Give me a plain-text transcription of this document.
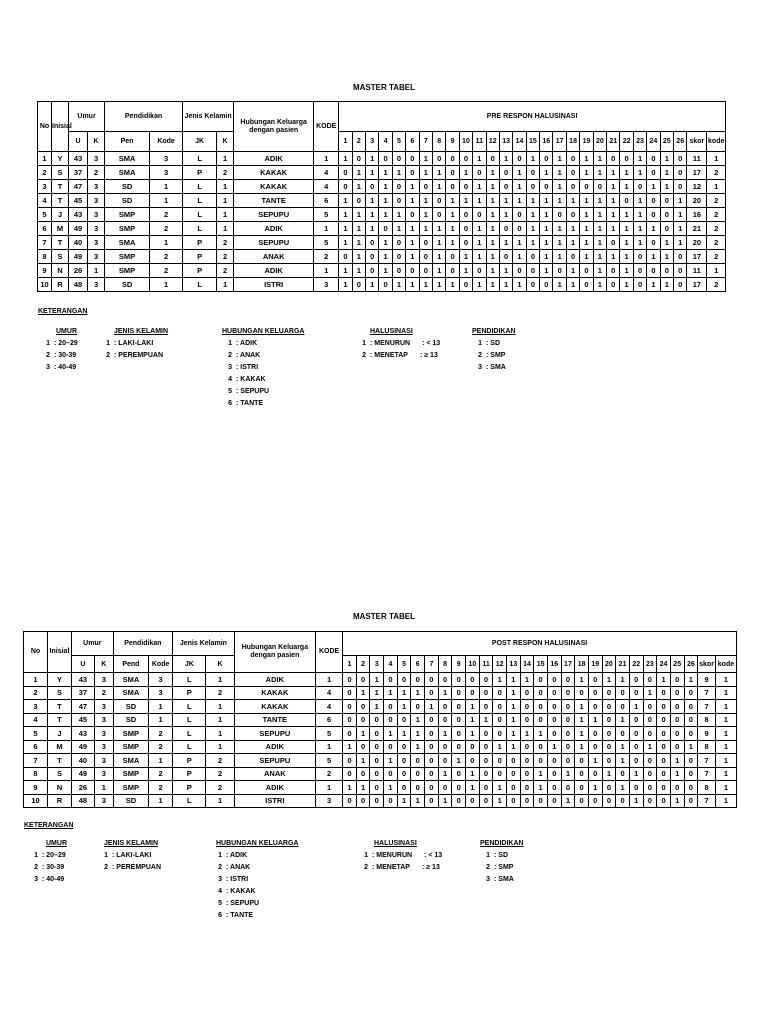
MASTER TABEL
No	Inisial	Umur		Pendidikan		Jenis Kelamin		Hubungan Keluarga dengan pasien	KODE	PRE RESPON HALUSINASI																											
		U	K	Pen	Kode	JK	K			1	2	3	4	5	6	7	8	9	10	11	12	13	14	15	16	17	18	19	20	21	22	23	24	25	26	skor	kode
1	Y	43	3	SMA	3	L	1	ADIK	1	1	0	1	0	0	0	1	0	0	0	1	0	1	0	1	0	1	0	1	1	0	0	1	0	1	0	11	1
2	S	37	2	SMA	3	P	2	KAKAK	4	0	1	1	1	1	0	1	1	0	1	0	1	0	1	0	1	1	0	1	1	1	1	1	0	1	0	17	2
3	T	47	3	SD	1	L	1	KAKAK	4	0	1	0	1	0	1	0	1	0	0	1	1	0	1	0	0	1	0	0	0	1	1	0	1	1	0	12	1
4	T	45	3	SD	1	L	1	TANTE	6	1	0	1	1	0	1	1	0	1	1	1	1	1	1	1	1	1	1	1	1	1	0	1	0	0	1	20	2
5	J	43	3	SMP	2	L	1	SEPUPU	5	1	1	1	1	1	0	1	0	1	0	0	1	1	0	1	1	0	0	1	1	1	1	1	0	0	1	16	2
6	M	49	3	SMP	2	L	1	ADIK	1	1	1	1	0	1	1	1	1	1	0	1	1	0	0	1	1	1	1	1	1	1	1	1	1	0	1	21	2
7	T	40	3	SMA	1	P	2	SEPUPU	5	1	1	0	1	0	1	0	1	1	0	1	1	1	1	1	1	1	1	1	1	0	1	1	0	1	1	20	2
8	S	49	3	SMP	2	P	2	ANAK	2	0	1	0	1	0	1	0	1	0	1	1	1	0	1	0	1	1	0	1	1	1	1	0	1	1	0	17	2
9	N	26	1	SMP	2	P	2	ADIK	1	1	1	0	1	0	0	0	1	0	1	0	1	1	0	0	1	0	1	0	1	0	1	0	0	0	0	11	1
10	R	48	3	SD	1	L	1	ISTRI	3	1	0	1	0	1	1	1	1	1	0	1	1	1	1	0	0	1	1	0	1	0	1	0	1	1	0	17	2
KETERANGAN
UMUR
1 : 20–29
2 : 30-39
3 : 40-49
JENIS KELAMIN
1 : LAKI-LAKI
2 : PEREMPUAN
HUBUNGAN KELUARGA
1 : ADIK
2 : ANAK
3 : ISTRI
4 : KAKAK
5 : SEPUPU
6 : TANTE
HALUSINASI
1 : MENURUN : < 13
2 : MENETAP : ≥ 13
PENDIDIKAN
1 : SD
2 : SMP
3 : SMA
MASTER TABEL
No	Inisial	Umur		Pendidikan		Jenis Kelamin		Hubungan Keluarga dengan pasien	KODE	POST RESPON HALUSINASI																											
		U	K	Pend	Kode	JK	K			1	2	3	4	5	6	7	8	9	10	11	12	13	14	15	16	17	18	19	20	21	22	23	24	25	26	skor	kode
1	Y	43	3	SMA	3	L	1	ADIK	1	0	0	1	0	0	0	0	0	0	0	0	1	1	1	0	0	0	1	0	1	1	0	0	1	0	1	9	1
2	S	37	2	SMA	3	P	2	KAKAK	4	0	1	1	1	1	1	0	1	0	0	0	0	1	0	0	0	0	0	0	0	0	0	1	0	0	0	7	1
3	T	47	3	SD	1	L	1	KAKAK	4	0	0	1	0	1	0	1	0	0	1	0	0	1	0	0	0	0	1	0	0	0	1	0	0	0	0	7	1
4	T	45	3	SD	1	L	1	TANTE	6	0	0	0	0	0	1	0	0	0	1	1	0	1	0	0	0	0	1	1	0	1	0	0	0	0	0	8	1
5	J	43	3	SMP	2	L	1	SEPUPU	5	0	1	0	1	1	1	0	1	0	1	0	0	1	1	1	0	0	1	0	0	0	0	0	0	0	0	9	1
6	M	49	3	SMP	2	L	1	ADIK	1	1	0	0	0	0	1	0	0	0	0	0	1	1	0	0	1	0	1	0	0	1	0	1	0	0	1	8	1
7	T	40	3	SMA	1	P	2	SEPUPU	5	0	1	0	1	0	0	0	0	1	0	0	0	0	0	0	0	0	0	1	0	1	0	0	0	1	0	7	1
8	S	49	3	SMP	2	P	2	ANAK	2	0	0	0	0	0	0	0	1	0	1	0	0	0	0	1	0	1	0	0	1	0	1	0	0	1	0	7	1
9	N	26	1	SMP	2	P	2	ADIK	1	1	1	0	1	0	0	0	0	0	1	0	1	0	0	1	0	0	0	1	0	1	0	0	0	0	0	8	1
10	R	48	3	SD	1	L	1	ISTRI	3	0	0	0	0	1	1	0	1	0	0	0	1	0	0	0	0	1	0	0	0	0	1	0	0	1	0	7	1
KETERANGAN
UMUR
1 : 20–29
2 : 30-39
3 : 40-49
JENIS KELAMIN
1 : LAKI-LAKI
2 : PEREMPUAN
HUBUNGAN KELUARGA
1 : ADIK
2 : ANAK
3 : ISTRI
4 : KAKAK
5 : SEPUPU
6 : TANTE
HALUSINASI
1 : MENURUN : < 13
2 : MENETAP : ≥ 13
PENDIDIKAN
1 : SD
2 : SMP
3 : SMA
